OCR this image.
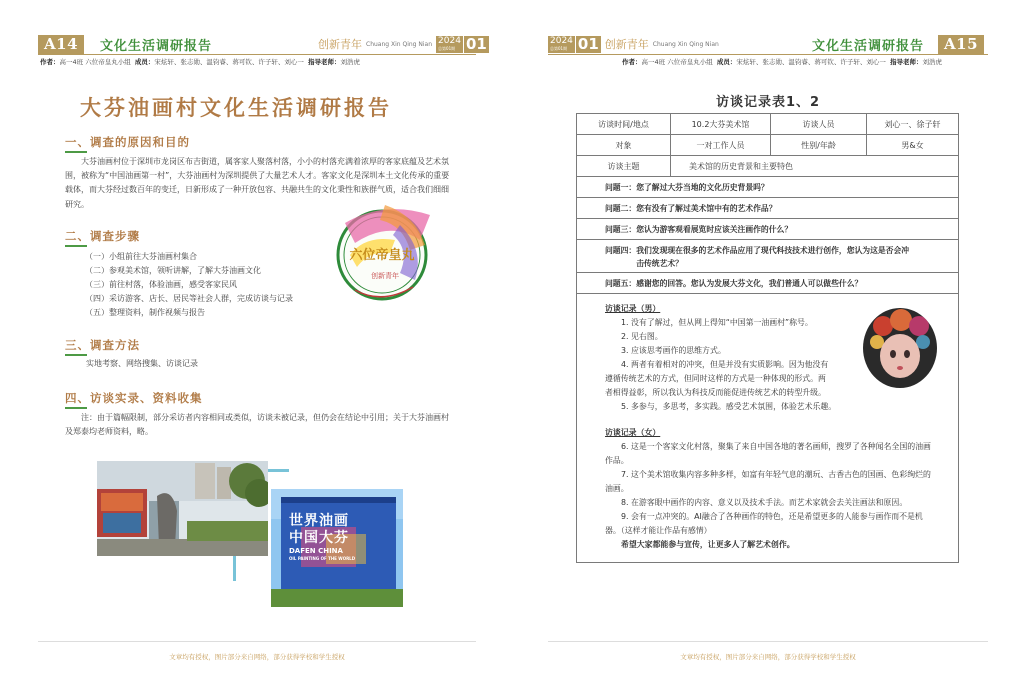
A14	文化生活调研报告	创新青年 Chuang Xin Qing Nian 2024
总第01期 01
作者：高一4班 六位帝皇丸小组 成员：宋炫轩、张志勋、温钧睿、蒋可钦、许子轩、刘心一 指导老师：刘浩虎
大芬油画村文化生活调研报告
一、调查的原因和目的
大芬油画村位于深圳市龙岗区布吉街道，属客家人聚落村落，小小的村落充满着浓厚的客家底蕴及艺术氛围，被称为“中国油画第一村”，大芬油画村为深圳提供了大量艺术人才。客家文化是深圳本土文化传承的重要载体，而大芬经过数百年的变迁，日新形成了一种开放包容、共融共生的文化秉性和族群气质，适合我们细细研究。
二、调查步骤
（一）小组前往大芬油画村集合
（二）参观美术馆，领听讲解，了解大芬油画文化
（三）前往村落，体验油画，感受客家民风
（四）采访游客、店长、居民等社会人群，完成访谈与记录
（五）整理资料，制作视频与报告
三、调查方法
实地考察、网络搜集、访谈记录
四、访谈实录、资料收集
注：由于篇幅限制，部分采访者内容相同或类似，访谈未被记录，但仍会在结论中引用；关于大芬油画村及郑泰均老师资料，略。
六位帝皇丸
创新青年
世界油画
中国大芬
DAFEN CHINA
OIL PAINTING OF THE WORLD
文章均有授权，图片部分来自网络，部分获得学校和学生授权
2024
总第01期 01 创新青年 Chuang Xin Qing Nian	文化生活调研报告	A15
作者：高一4班 六位帝皇丸小组 成员：宋炫轩、张志勋、温钧睿、蒋可钦、许子轩、刘心一 指导老师：刘浩虎
访谈记录表1、2
访谈时间/地点	10.2大芬美术馆	访谈人员	刘心一、徐子轩
对象	一对工作人员	性别/年龄	男&女
访谈主题	美术馆的历史背景和主要特色
问题一： 您了解过大芬当地的文化历史背景吗？
问题二： 您有没有了解过美术馆中有的艺术作品？
问题三： 您认为游客观看展览时应该关注画作的什么？
问题四： 我们发现现在很多的艺术作品应用了现代科技技术进行创作，您认为这是否会冲击传统艺术？
问题五： 感谢您的回答。您认为发展大芬文化，我们普通人可以做些什么？
访谈记录（男）

1. 没有了解过，但从网上得知“中国第一油画村”称号。

2. 见右图。

3. 应该思考画作的思维方式。

4. 两者有着相对的冲突，但是并没有实质影响。因为他没有遵循传统艺术的方式，但同时这样的方式是一种体现的形式。两者相得益彰，所以我认为科技反而能促进传统艺术的转型升级。

5. 多参与，多思考，多实践。感受艺术氛围，体验艺术乐趣。

访谈记录（女）

6. 这是一个客家文化村落，聚集了来自中国各地的著名画师，搜罗了各种闻名全国的油画作品。

7. 这个美术馆收集内容多种多样，如富有年轻气息的潮玩、古香古色的国画、色彩绚烂的油画。

8. 在游客眼中画作的内容、意义以及技术手法。而艺术家就会去关注画法和原因。

9. 会有一点冲突的。AI融合了各种画作的特色，还是希望更多的人能参与画作而不是机器。（这样才能让作品有感情）

希望大家都能参与宣传，让更多人了解艺术创作。

文章均有授权，图片部分来自网络，部分获得学校和学生授权
